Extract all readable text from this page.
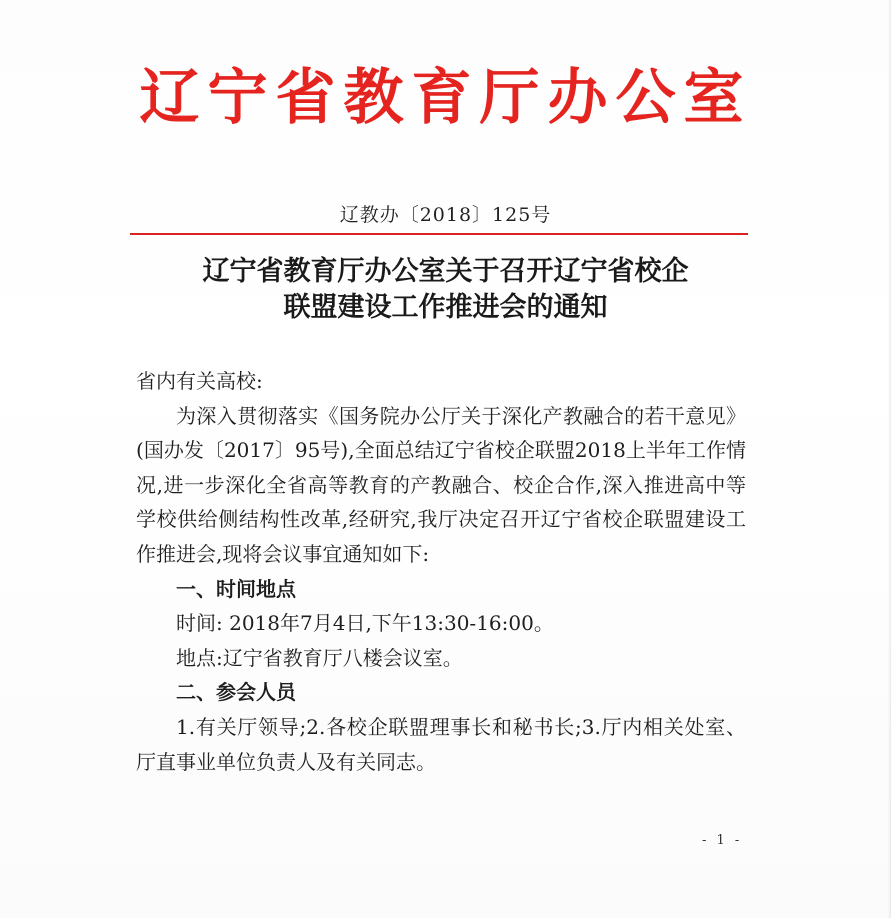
辽宁省教育厅办公室
辽教办〔2018〕125号
辽宁省教育厅办公室关于召开辽宁省校企
联盟建设工作推进会的通知

省内有关高校:

为深入贯彻落实《国务院办公厅关于深化产教融合的若干意见》(国办发〔2017〕95号),全面总结辽宁省校企联盟2018上半年工作情况,进一步深化全省高等教育的产教融合、校企合作,深入推进高中等学校供给侧结构性改革,经研究,我厅决定召开辽宁省校企联盟建设工作推进会,现将会议事宜通知如下:

一、时间地点

时间: 2018年7月4日,下午13:30-16:00。

地点:辽宁省教育厅八楼会议室。

二、参会人员

1.有关厅领导;2.各校企联盟理事长和秘书长;3.厅内相关处室、厅直事业单位负责人及有关同志。

- 1 -
